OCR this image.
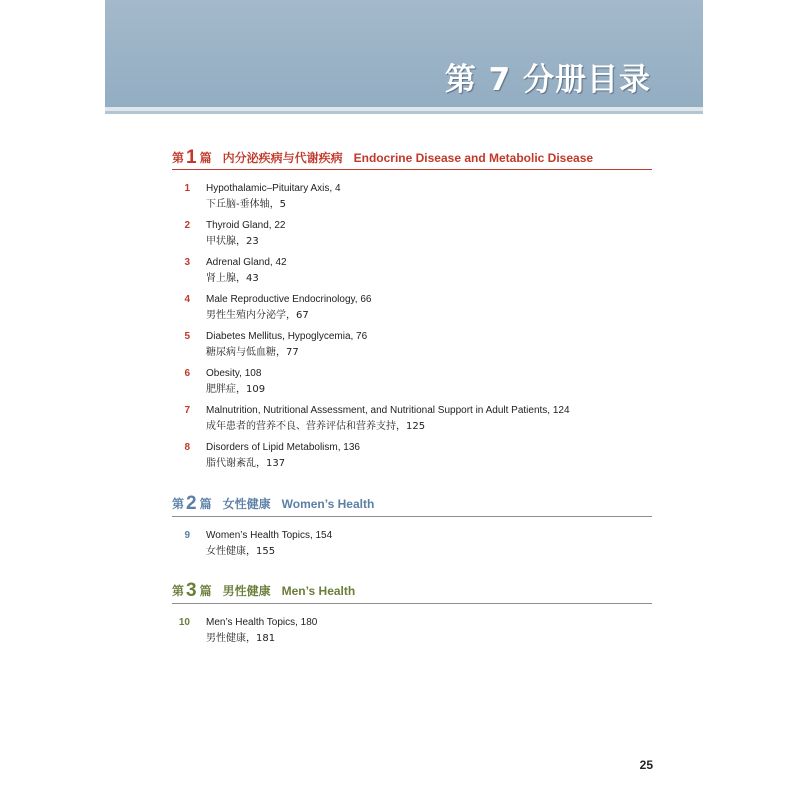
第 7 分册目录
第 1 篇 内分泌疾病与代谢疾病 Endocrine Disease and Metabolic Disease
1 Hypothalamic–Pituitary Axis, 4
下丘脑-垂体轴，5
2 Thyroid Gland, 22
甲状腺，23
3 Adrenal Gland, 42
肾上腺，43
4 Male Reproductive Endocrinology, 66
男性生殖内分泌学，67
5 Diabetes Mellitus, Hypoglycemia, 76
糖尿病与低血糖，77
6 Obesity, 108
肥胖症，109
7 Malnutrition, Nutritional Assessment, and Nutritional Support in Adult Patients, 124
成年患者的营养不良、营养评估和营养支持，125
8 Disorders of Lipid Metabolism, 136
脂代谢紊乱，137
第 2 篇 女性健康 Women’s Health
9 Women’s Health Topics, 154
女性健康，155
第 3 篇 男性健康 Men’s Health
10 Men’s Health Topics, 180
男性健康，181
25
